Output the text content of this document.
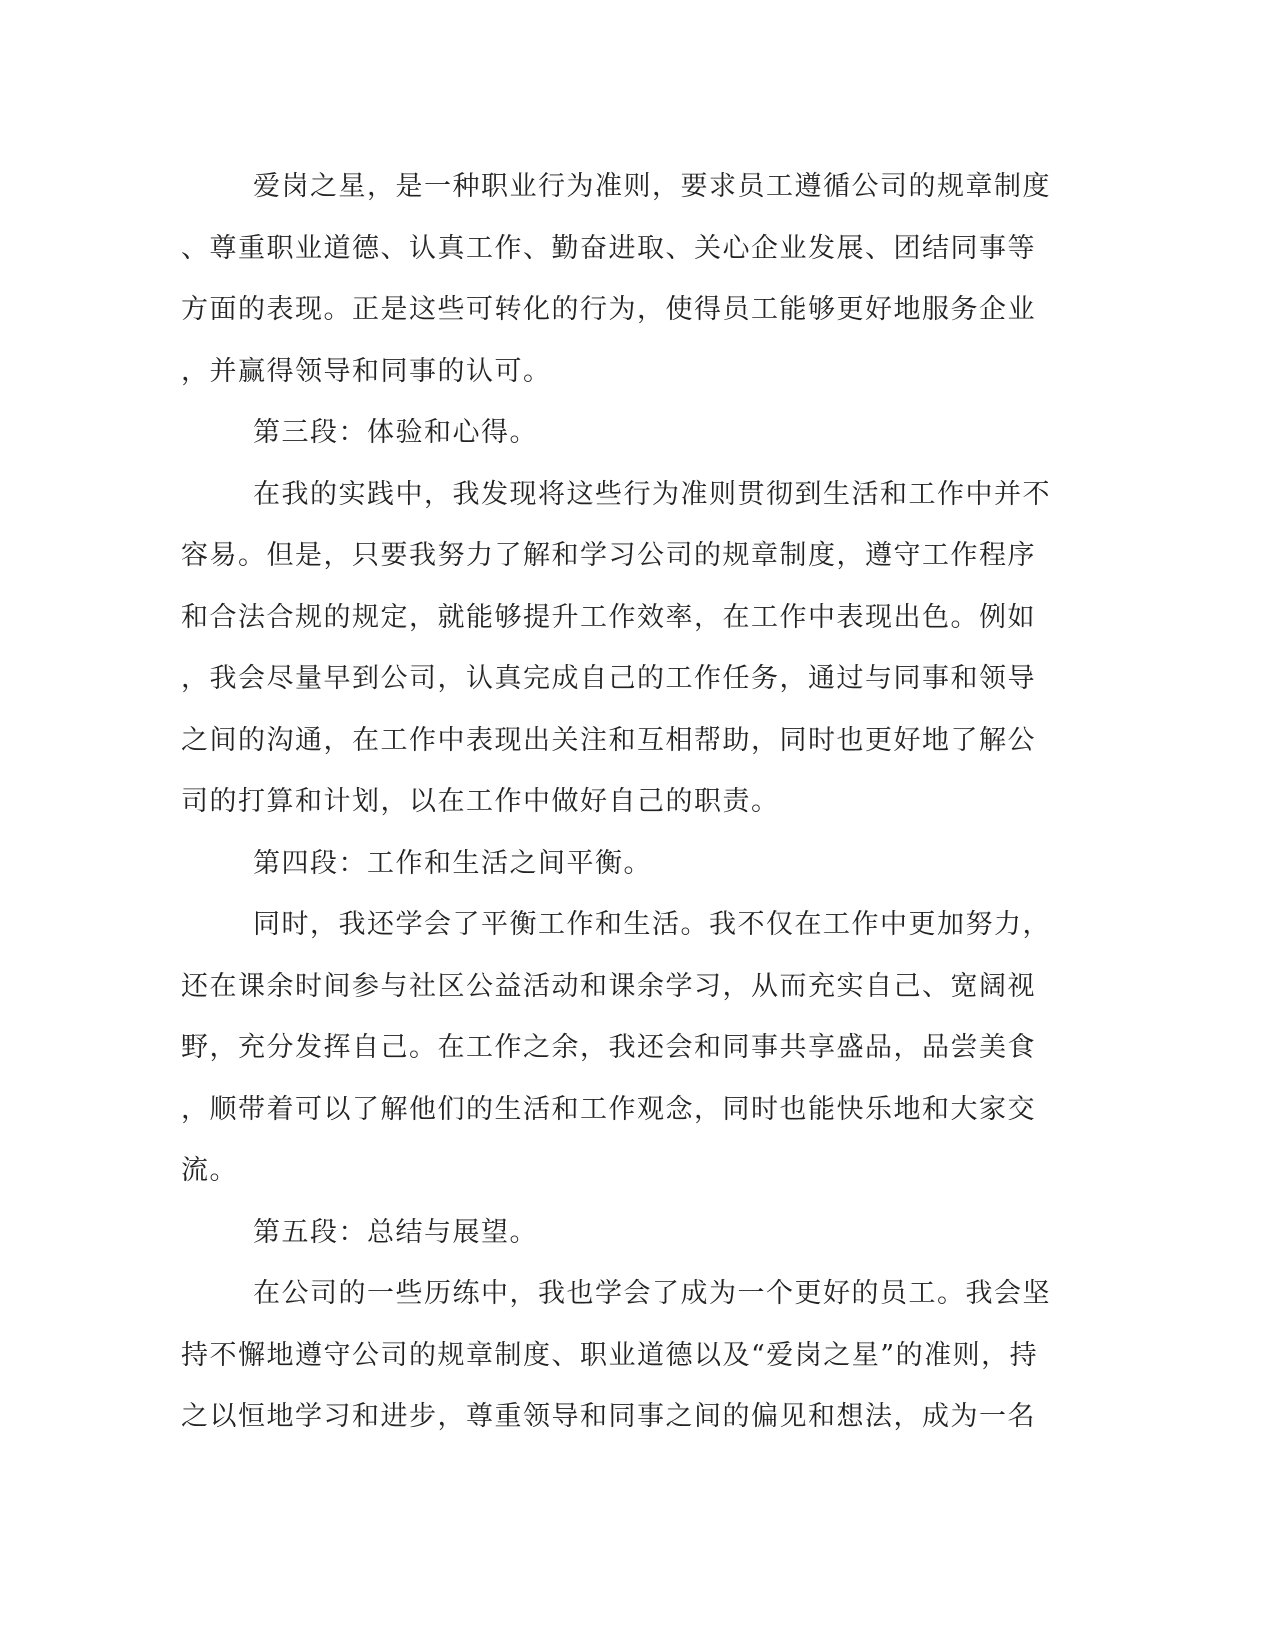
爱岗之星，是一种职业行为准则，要求员工遵循公司的规章制度
、尊重职业道德、认真工作、勤奋进取、关心企业发展、团结同事等
方面的表现。正是这些可转化的行为，使得员工能够更好地服务企业
，并赢得领导和同事的认可。

第三段：体验和心得。

在我的实践中，我发现将这些行为准则贯彻到生活和工作中并不
容易。但是，只要我努力了解和学习公司的规章制度，遵守工作程序
和合法合规的规定，就能够提升工作效率，在工作中表现出色。例如
，我会尽量早到公司，认真完成自己的工作任务，通过与同事和领导
之间的沟通，在工作中表现出关注和互相帮助，同时也更好地了解公
司的打算和计划，以在工作中做好自己的职责。

第四段：工作和生活之间平衡。

同时，我还学会了平衡工作和生活。我不仅在工作中更加努力，
还在课余时间参与社区公益活动和课余学习，从而充实自己、宽阔视
野，充分发挥自己。在工作之余，我还会和同事共享盛品，品尝美食
，顺带着可以了解他们的生活和工作观念，同时也能快乐地和大家交
流。

第五段：总结与展望。

在公司的一些历练中，我也学会了成为一个更好的员工。我会坚
持不懈地遵守公司的规章制度、职业道德以及“爱岗之星”的准则，持
之以恒地学习和进步，尊重领导和同事之间的偏见和想法，成为一名
